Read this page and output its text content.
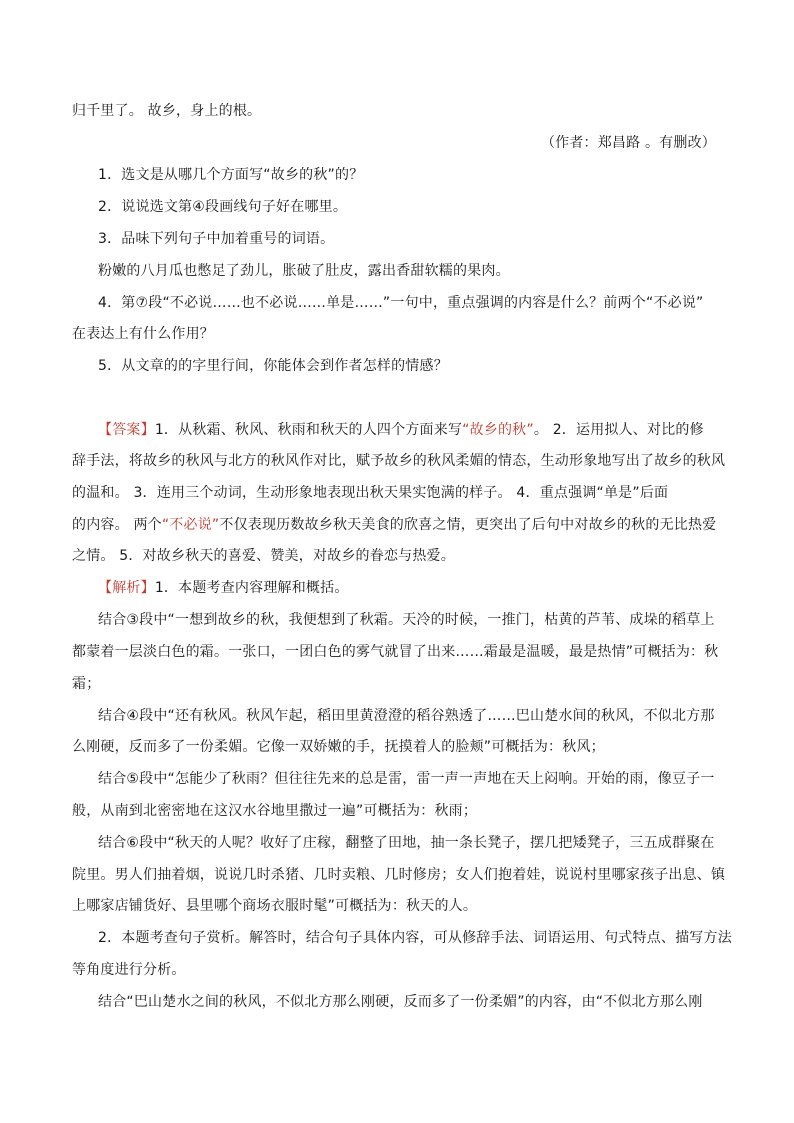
归千里了。 故乡，身上的根。
（作者：郑昌路 。有删改）
1．选文是从哪几个方面写“故乡的秋”的？
2．说说选文第④段画线句子好在哪里。
3．品味下列句子中加着重号的词语。
粉嫩的八月瓜也憋足了劲儿，胀破了肚皮，露出香甜软糯的果肉。
4．第⑦段“不必说……也不必说……单是……”一句中，重点强调的内容是什么？前两个“不必说”
在表达上有什么作用？
5．从文章的的字里行间，你能体会到作者怎样的情感？
【答案】1．从秋霜、秋风、秋雨和秋天的人四个方面来写“故乡的秋”。 2．运用拟人、对比的修
辞手法，将故乡的秋风与北方的秋风作对比，赋予故乡的秋风柔媚的情态，生动形象地写出了故乡的秋风
的温和。 3．连用三个动词，生动形象地表现出秋天果实饱满的样子。 4．重点强调“单是”后面
的内容。 两个“不必说”不仅表现历数故乡秋天美食的欣喜之情，更突出了后句中对故乡的秋的无比热爱
之情。 5．对故乡秋天的喜爱、赞美，对故乡的眷恋与热爱。
【解析】1．本题考查内容理解和概括。
结合③段中“一想到故乡的秋，我便想到了秋霜。天冷的时候，一推门，枯黄的芦苇、成垛的稻草上
都蒙着一层淡白色的霜。一张口，一团白色的雾气就冒了出来……霜最是温暖，最是热情”可概括为：秋
霜；
结合④段中“还有秋风。秋风乍起，稻田里黄澄澄的稻谷熟透了……巴山楚水间的秋风，不似北方那
么刚硬，反而多了一份柔媚。它像一双娇嫩的手，抚摸着人的脸颊”可概括为：秋风；
结合⑤段中“怎能少了秋雨？但往往先来的总是雷，雷一声一声地在天上闷响。开始的雨，像豆子一
般，从南到北密密地在这汉水谷地里撒过一遍”可概括为：秋雨；
结合⑥段中“秋天的人呢？收好了庄稼，翻整了田地，抽一条长凳子，摆几把矮凳子，三五成群聚在
院里。男人们抽着烟，说说几时杀猪、几时卖粮、几时修房；女人们抱着娃，说说村里哪家孩子出息、镇
上哪家店铺货好、县里哪个商场衣服时髦”可概括为：秋天的人。
2．本题考查句子赏析。解答时，结合句子具体内容，可从修辞手法、词语运用、句式特点、描写方法
等角度进行分析。
结合“巴山楚水之间的秋风，不似北方那么刚硬，反而多了一份柔媚”的内容，由“不似北方那么刚
